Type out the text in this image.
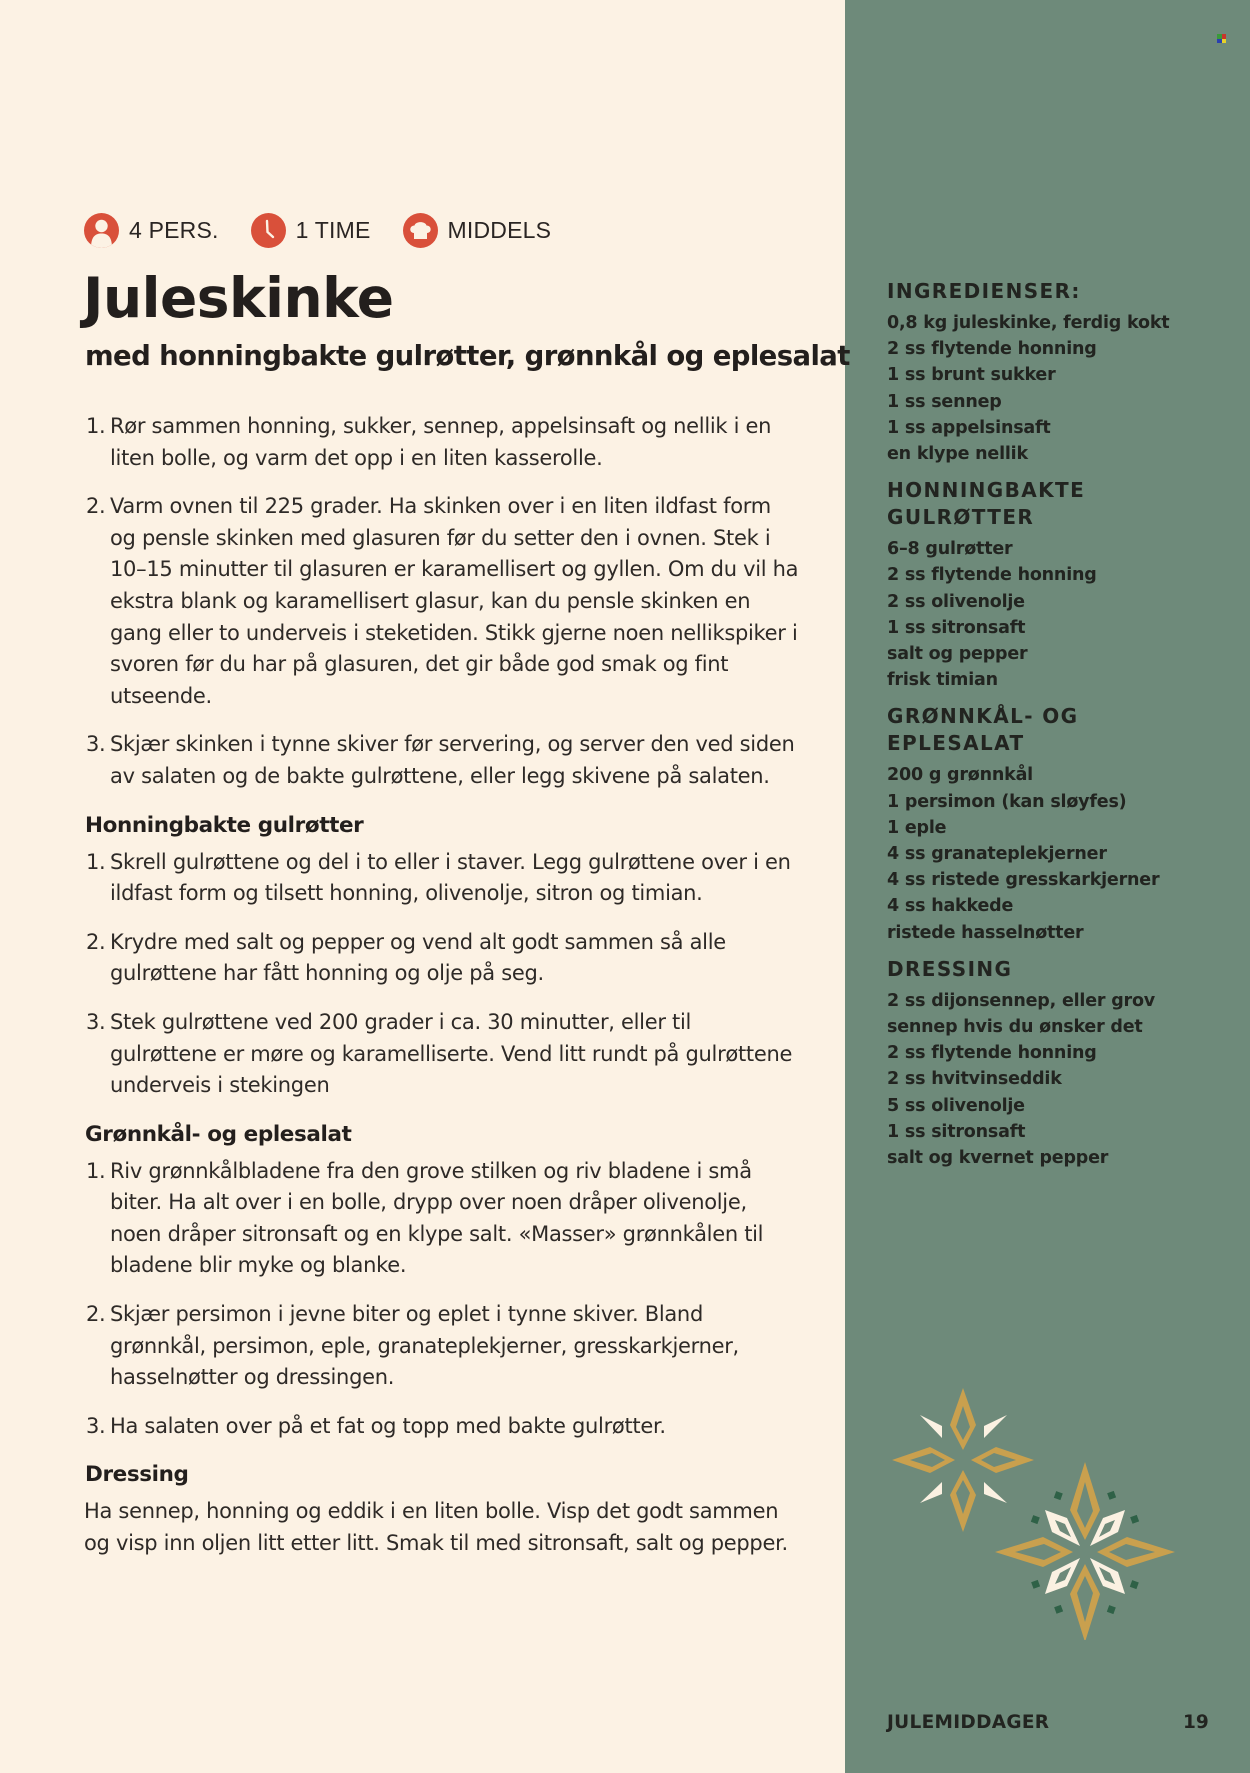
4 PERS.	1 TIME	MIDDELS
Juleskinke
med honningbakte gulrøtter, grønnkål og eplesalat
1. Rør sammen honning, sukker, sennep, appelsinsaft og nellik i en liten bolle, og varm det opp i en liten kasserolle.
2. Varm ovnen til 225 grader. Ha skinken over i en liten ildfast form og pensle skinken med glasuren før du setter den i ovnen. Stek i 10–15 minutter til glasuren er karamellisert og gyllen. Om du vil ha ekstra blank og karamellisert glasur, kan du pensle skinken en gang eller to underveis i steketiden. Stikk gjerne noen nellikspiker i svoren før du har på glasuren, det gir både god smak og fint utseende.
3. Skjær skinken i tynne skiver før servering, og server den ved siden av salaten og de bakte gulrøttene, eller legg skivene på salaten.
Honningbakte gulrøtter
1. Skrell gulrøttene og del i to eller i staver. Legg gulrøttene over i en ildfast form og tilsett honning, olivenolje, sitron og timian.
2. Krydre med salt og pepper og vend alt godt sammen så alle gulrøttene har fått honning og olje på seg.
3. Stek gulrøttene ved 200 grader i ca. 30 minutter, eller til gulrøttene er møre og karamelliserte. Vend litt rundt på gulrøttene underveis i stekingen
Grønnkål- og eplesalat
1. Riv grønnkålbladene fra den grove stilken og riv bladene i små biter. Ha alt over i en bolle, drypp over noen dråper olivenolje, noen dråper sitronsaft og en klype salt. «Masser» grønnkålen til bladene blir myke og blanke.
2. Skjær persimon i jevne biter og eplet i tynne skiver. Bland grønnkål, persimon, eple, granateplekjerner, gresskarkjerner, hasselnøtter og dressingen.
3. Ha salaten over på et fat og topp med bakte gulrøtter.
Dressing

Ha sennep, honning og eddik i en liten bolle. Visp det godt sammen og visp inn oljen litt etter litt. Smak til med sitronsaft, salt og pepper.

INGREDIENSER:
0,8 kg juleskinke, ferdig kokt
2 ss flytende honning
1 ss brunt sukker
1 ss sennep
1 ss appelsinsaft
en klype nellik
HONNINGBAKTE GULRØTTER
6–8 gulrøtter
2 ss flytende honning
2 ss olivenolje
1 ss sitronsaft
salt og pepper
frisk timian
GRØNNKÅL- OG EPLESALAT
200 g grønnkål
1 persimon (kan sløyfes)
1 eple
4 ss granateplekjerner
4 ss ristede gresskarkjerner
4 ss hakkede ristede hasselnøtter
DRESSING
2 ss dijonsennep, eller grov sennep hvis du ønsker det
2 ss flytende honning
2 ss hvitvinseddik
5 ss olivenolje
1 ss sitronsaft
salt og kvernet pepper
JULEMIDDAGER	19
